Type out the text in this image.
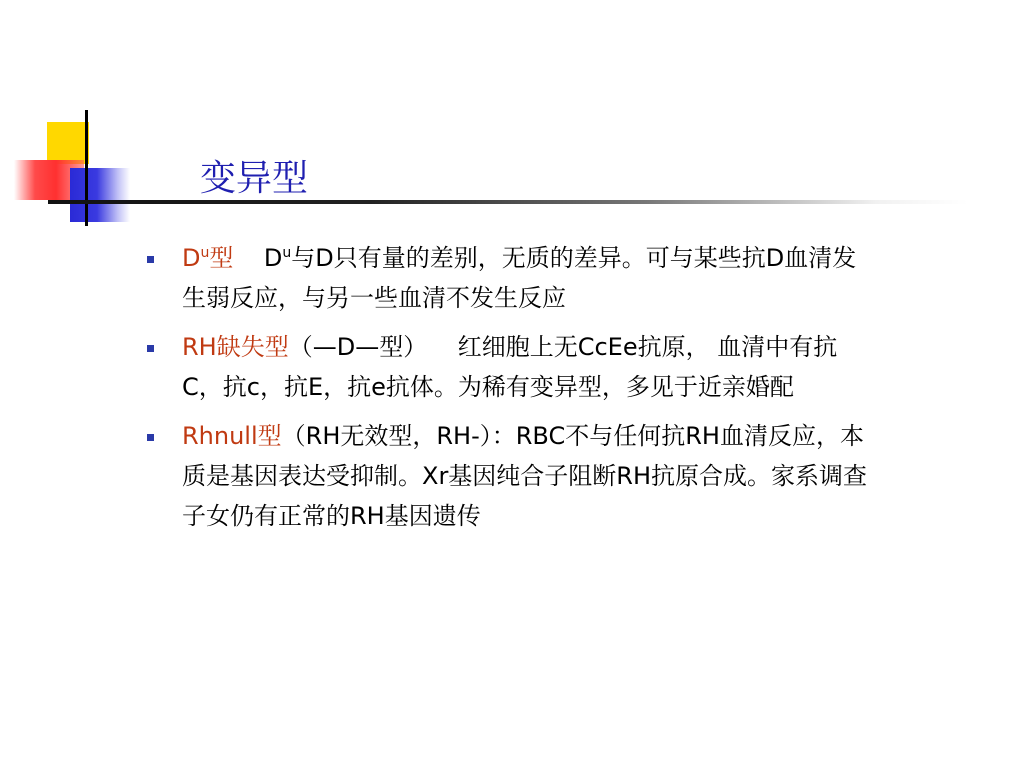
变异型
$D^u$型 $D^u$与D只有量的差别，无质的差异。可与某些抗D血清发生弱反应，与另一些血清不发生反应
RH缺失型（—D—型）    红细胞上无CcEe抗原， 血清中有抗C，抗c，抗E，抗e抗体。为稀有变异型，多见于近亲婚配
Rhnull型（RH无效型，RH-）：RBC不与任何抗RH血清反应，本质是基因表达受抑制。Xr基因纯合子阻断RH抗原合成。家系调查子女仍有正常的RH基因遗传
